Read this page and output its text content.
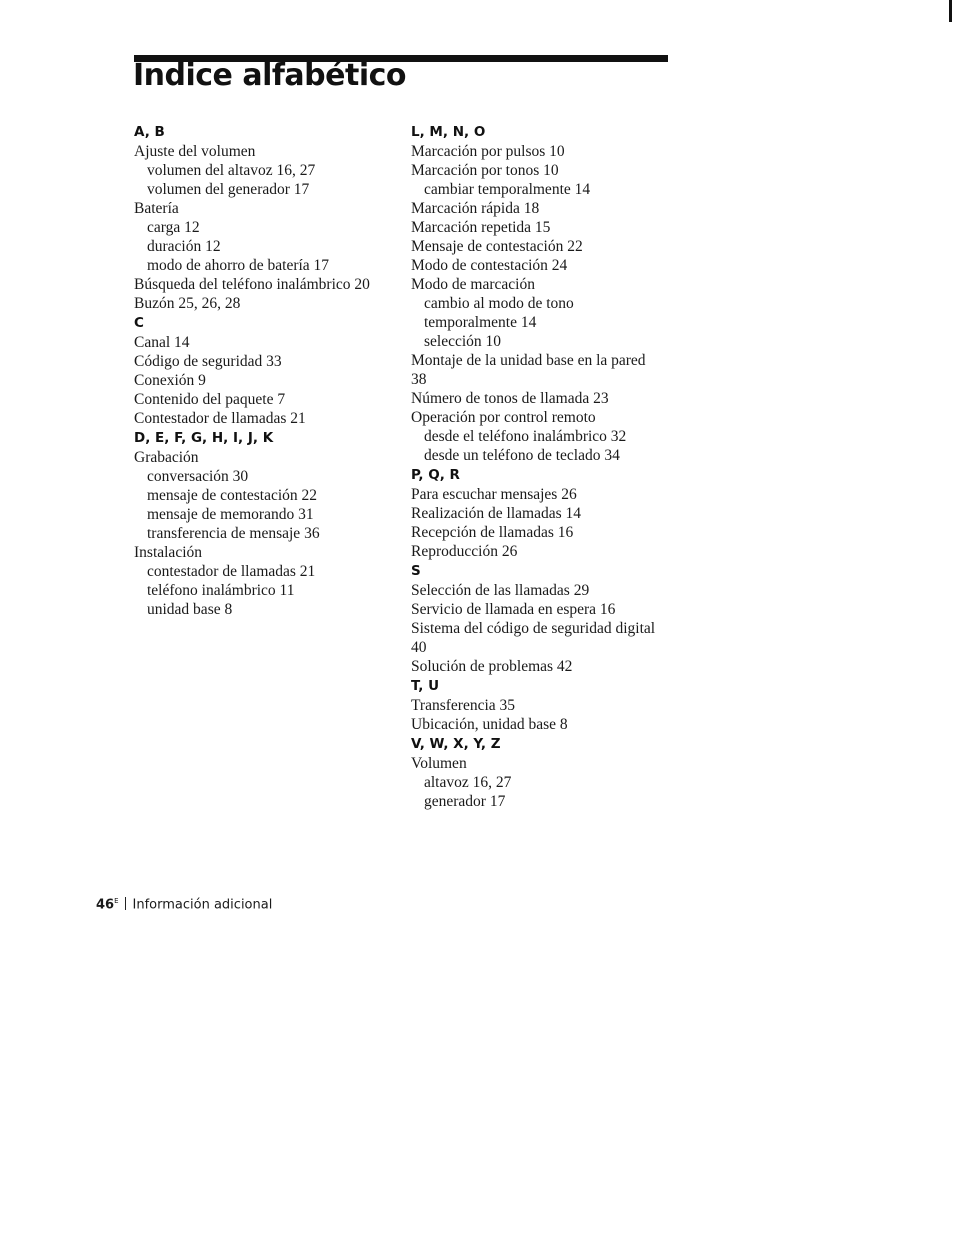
Índice alfabético
A, B
Ajuste del volumen
volumen del altavoz 16, 27
volumen del generador 17
Batería
carga 12
duración 12
modo de ahorro de batería 17
Búsqueda del teléfono inalámbrico 20
Buzón 25, 26, 28
C
Canal 14
Código de seguridad 33
Conexión 9
Contenido del paquete 7
Contestador de llamadas 21
D, E, F, G, H, I, J, K
Grabación
conversación 30
mensaje de contestación 22
mensaje de memorando 31
transferencia de mensaje 36
Instalación
contestador de llamadas 21
teléfono inalámbrico 11
unidad base 8
L, M, N, O
Marcación por pulsos 10
Marcación por tonos 10
cambiar temporalmente 14
Marcación rápida 18
Marcación repetida 15
Mensaje de contestación 22
Modo de contestación 24
Modo de marcación
cambio al modo de tono
temporalmente 14
selección 10
Montaje de la unidad base en la pared
38
Número de tonos de llamada 23
Operación por control remoto
desde el teléfono inalámbrico 32
desde un teléfono de teclado 34
P, Q, R
Para escuchar mensajes 26
Realización de llamadas 14
Recepción de llamadas 16
Reproducción 26
S
Selección de las llamadas 29
Servicio de llamada en espera 16
Sistema del código de seguridad digital
40
Solución de problemas 42
T, U
Transferencia 35
Ubicación, unidad base 8
V, W, X, Y, Z
Volumen
altavoz 16, 27
generador 17
$46^E$ Información adicional
